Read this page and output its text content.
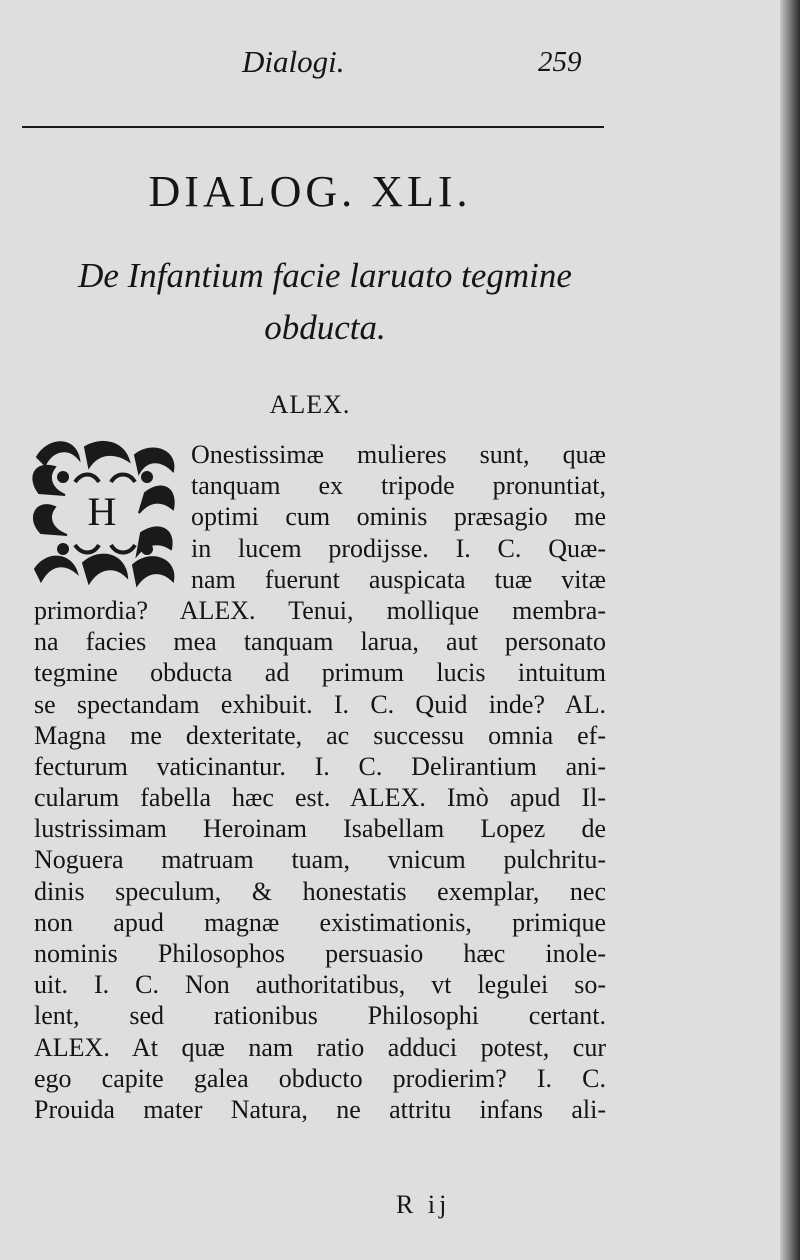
Dialogi.	259
DIALOG. XLI.
De Infantium facie laruato tegmine
obducta.
ALEX.
H
Onestissimæ mulieres sunt, quæ
tanquam ex tripode pronuntiat,
optimi cum ominis præsagio me
in lucem prodijsse. I. C. Quæ-
nam fuerunt auspicata tuæ vitæ
primordia? ALEX. Tenui, mollique membra-
na facies mea tanquam larua, aut personato
tegmine obducta ad primum lucis intuitum
se spectandam exhibuit. I. C. Quid inde? AL.
Magna me dexteritate, ac successu omnia ef-
fecturum vaticinantur. I. C. Delirantium ani-
cularum fabella hæc est. ALEX. Imò apud Il-
lustrissimam Heroinam Isabellam Lopez de
Noguera matruam tuam, vnicum pulchritu-
dinis speculum, & honestatis exemplar, nec
non apud magnæ existimationis, primique
nominis Philosophos persuasio hæc inole-
uit. I. C. Non authoritatibus, vt legulei so-
lent, sed rationibus Philosophi certant.
ALEX. At quæ nam ratio adduci potest, cur
ego capite galea obducto prodierim? I. C.
Prouida mater Natura, ne attritu infans ali-
R ij
